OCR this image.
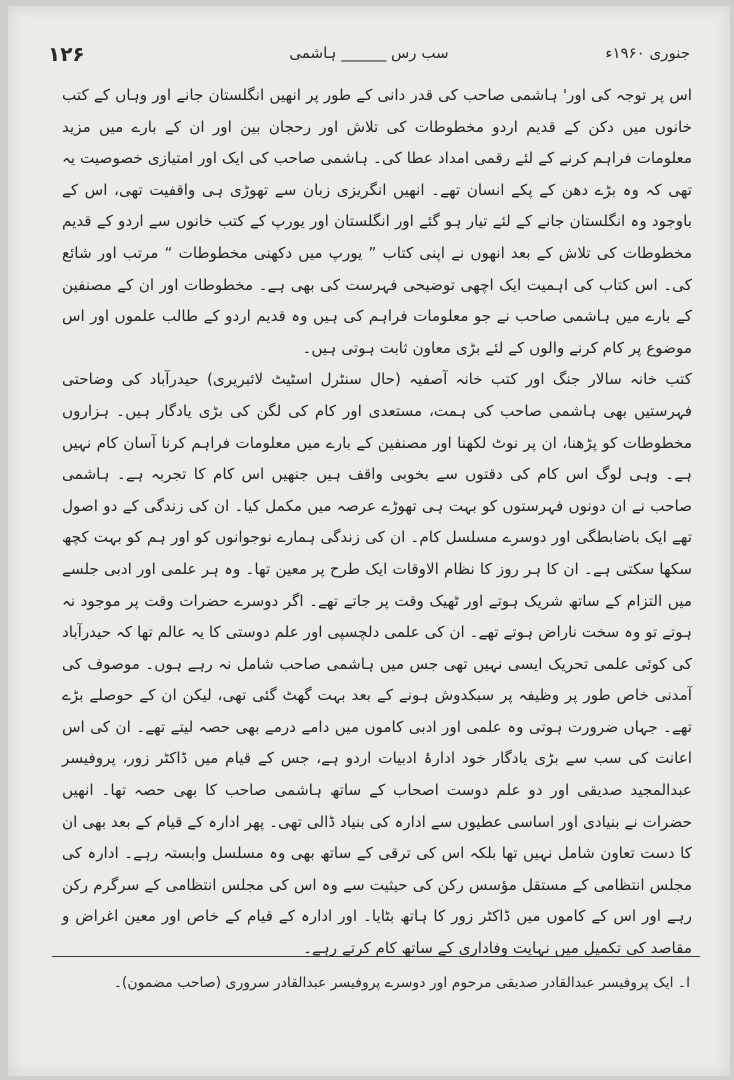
۱۲۶	سب رس ______ ہاشمی	جنوری ۱۹۶۰ء

اس پر توجہ کی اور' ہاشمی صاحب کی قدر دانی کے طور پر انھیں انگلستان جانے اور وہاں کے کتب خانوں میں دکن کے قدیم اردو مخطوطات کی تلاش اور رحجان بین اور ان کے بارے میں مزید معلومات فراہم کرنے کے لئے رقمی امداد عطا کی۔ ہاشمی صاحب کی ایک اور امتیازی خصوصیت یہ تھی کہ وہ بڑے دھن کے پکے انسان تھے۔ انھیں انگریزی زبان سے تھوڑی ہی واقفیت تھی، اس کے باوجود وہ انگلستان جانے کے لئے تیار ہو گئے اور انگلستان اور یورپ کے کتب خانوں سے اردو کے قدیم مخطوطات کی تلاش کے بعد انھوں نے اپنی کتاب ” یورپ میں دکھنی مخطوطات “ مرتب اور شائع کی۔ اس کتاب کی اہمیت ایک اچھی توضیحی فہرست کی بھی ہے۔ مخطوطات اور ان کے مصنفین کے بارے میں ہاشمی صاحب نے جو معلومات فراہم کی ہیں وہ قدیم اردو کے طالب علموں اور اس موضوع پر کام کرنے والوں کے لئے بڑی معاون ثابت ہوتی ہیں۔

کتب خانہ سالار جنگ اور کتب خانہ آصفیہ (حال سنٹرل اسٹیٹ لائبریری) حیدرآباد کی وضاحتی فہرستیں بھی ہاشمی صاحب کی ہمت، مستعدی اور کام کی لگن کی بڑی یادگار ہیں۔ ہزاروں مخطوطات کو پڑھنا، ان پر نوٹ لکھنا اور مصنفین کے بارے میں معلومات فراہم کرنا آسان کام نہیں ہے۔ وہی لوگ اس کام کی دقتوں سے بخوبی واقف ہیں جنھیں اس کام کا تجربہ ہے۔ ہاشمی صاحب نے ان دونوں فہرستوں کو بہت ہی تھوڑے عرصہ میں مکمل کیا۔ ان کی زندگی کے دو اصول تھے ایک باضابطگی اور دوسرے مسلسل کام۔ ان کی زندگی ہمارے نوجوانوں کو اور ہم کو بہت کچھ سکھا سکتی ہے۔ ان کا ہر روز کا نظام الاوقات ایک طرح پر معین تھا۔ وہ ہر علمی اور ادبی جلسے میں التزام کے ساتھ شریک ہوتے اور ٹھیک وقت پر جاتے تھے۔ اگر دوسرے حضرات وقت پر موجود نہ ہوتے تو وہ سخت ناراض ہوتے تھے۔ ان کی علمی دلچسپی اور علم دوستی کا یہ عالم تھا کہ حیدرآباد کی کوئی علمی تحریک ایسی نہیں تھی جس میں ہاشمی صاحب شامل نہ رہے ہوں۔ موصوف کی آمدنی خاص طور پر وظیفہ پر سبکدوش ہونے کے بعد بہت گھٹ گئی تھی، لیکن ان کے حوصلے بڑے تھے۔ جہاں ضرورت ہوتی وہ علمی اور ادبی کاموں میں دامے درمے بھی حصہ لیتے تھے۔ ان کی اس اعانت کی سب سے بڑی یادگار خود ادارۂ ادبیات اردو ہے، جس کے قیام میں ڈاکٹر زور، پروفیسر عبدالمجید صدیقی اور دو علم دوست اصحاب کے ساتھ ہاشمی صاحب کا بھی حصہ تھا۔ انھیں حضرات نے بنیادی اور اساسی عطیوں سے ادارہ کی بنیاد ڈالی تھی۔ پھر ادارہ کے قیام کے بعد بھی ان کا دست تعاون شامل نہیں تھا بلکہ اس کی ترقی کے ساتھ بھی وہ مسلسل وابستہ رہے۔ ادارہ کی مجلس انتظامی کے مستقل مؤسس رکن کی حیثیت سے وہ اس کی مجلس انتظامی کے سرگرم رکن رہے اور اس کے کاموں میں ڈاکٹر زور کا ہاتھ بٹایا۔ اور ادارہ کے قیام کے خاص اور معین اغراض و مقاصد کی تکمیل میں نہایت وفاداری کے ساتھ کام کرتے رہے۔

ا۔ ایک پروفیسر عبدالقادر صدیقی مرحوم اور دوسرے پروفیسر عبدالقادر سروری (صاحب مضمون)۔
